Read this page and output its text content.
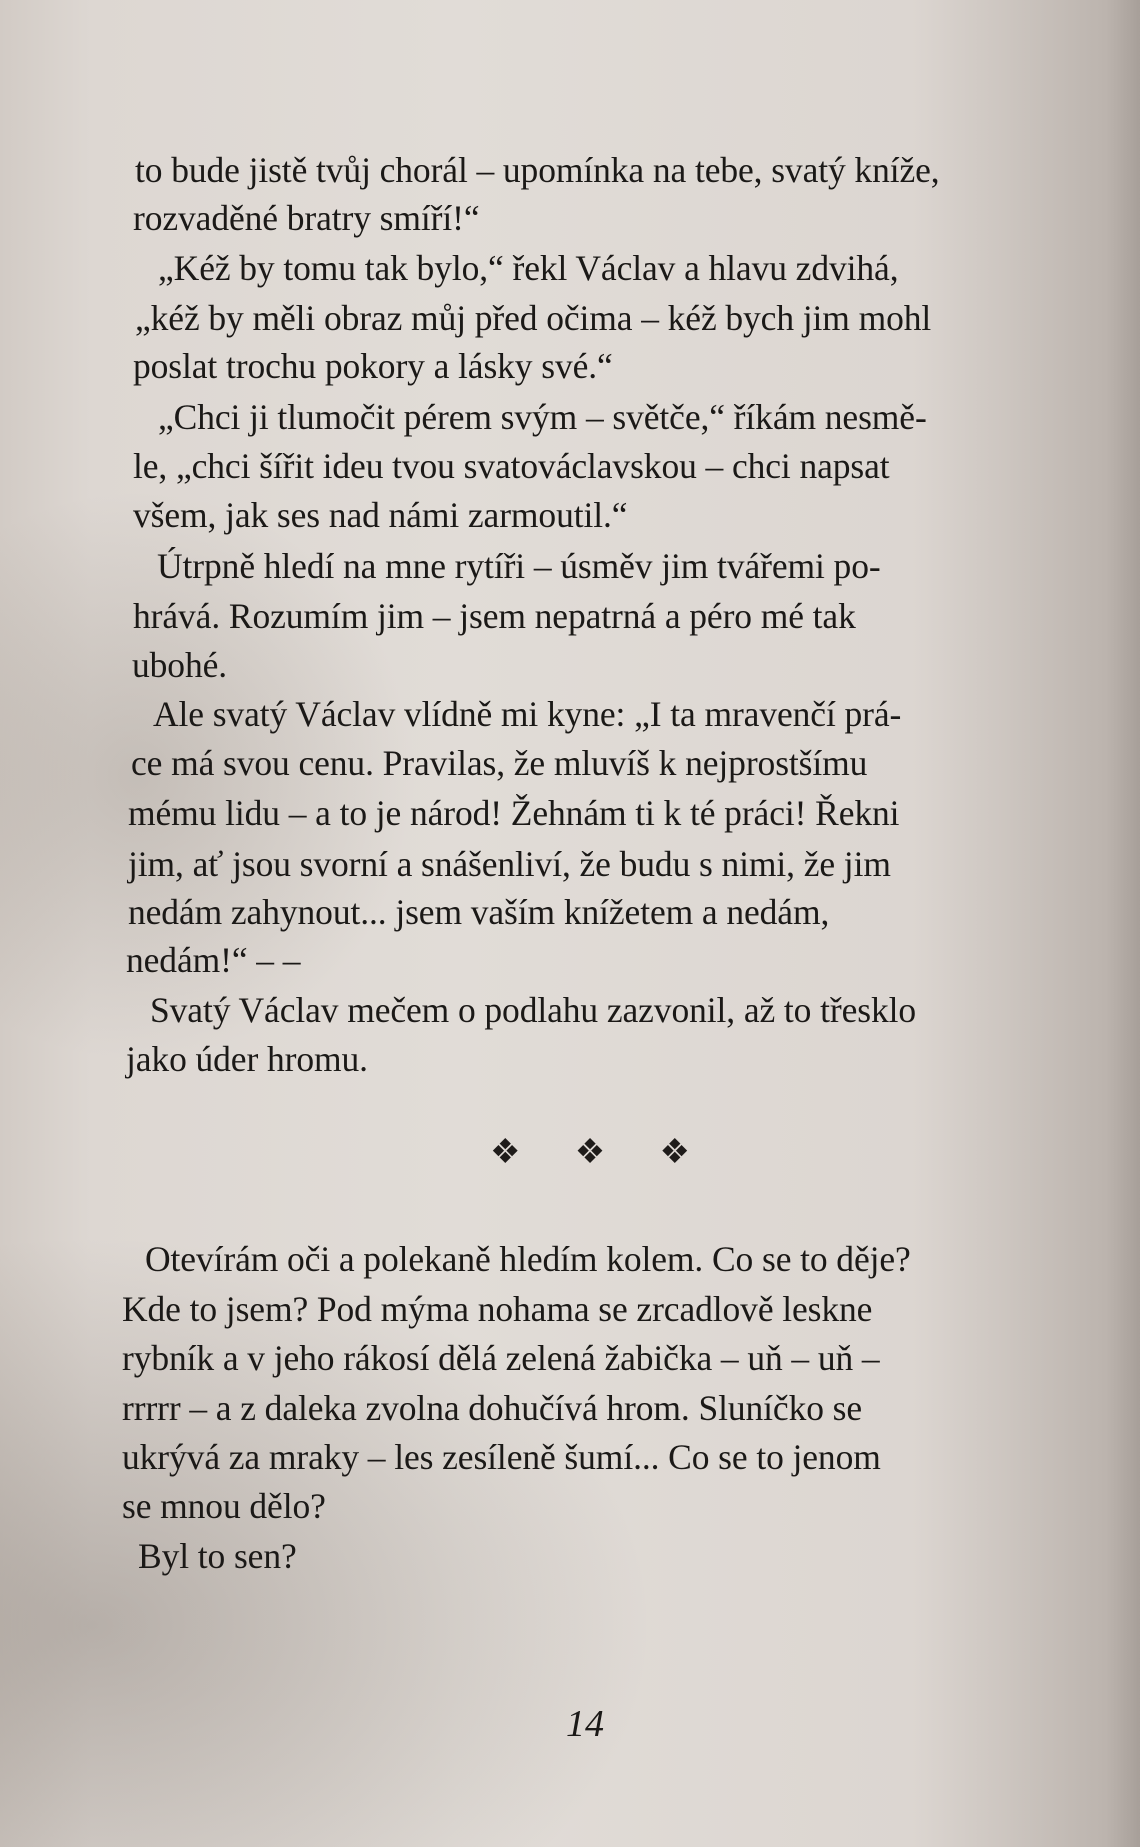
to bude jistě tvůj chorál – upomínka na tebe, svatý kníže,
rozvaděné bratry smíří!“
„Kéž by tomu tak bylo,“ řekl Václav a hlavu zdvihá,
„kéž by měli obraz můj před očima – kéž bych jim mohl
poslat trochu pokory a lásky své.“
„Chci ji tlumočit pérem svým – světče,“ říkám nesmě-
le, „chci šířit ideu tvou svatováclavskou – chci napsat
všem, jak ses nad námi zarmoutil.“
Útrpně hledí na mne rytíři – úsměv jim tvářemi po-
hrává. Rozumím jim – jsem nepatrná a péro mé tak
ubohé.
Ale svatý Václav vlídně mi kyne: „I ta mravenčí prá-
ce má svou cenu. Pravilas, že mluvíš k nejprostšímu
mému lidu – a to je národ! Žehnám ti k té práci! Řekni
jim, ať jsou svorní a snášenliví, že budu s nimi, že jim
nedám zahynout... jsem vaším knížetem a nedám,
nedám!“ – –
Svatý Václav mečem o podlahu zazvonil, až to třesklo
jako úder hromu.
❖ ❖ ❖
Otevírám oči a polekaně hledím kolem. Co se to děje?
Kde to jsem? Pod mýma nohama se zrcadlově leskne
rybník a v jeho rákosí dělá zelená žabička – uň – uň –
rrrrr – a z daleka zvolna dohučívá hrom. Sluníčko se
ukrývá za mraky – les zesíleně šumí... Co se to jenom
se mnou dělo?
Byl to sen?
14
